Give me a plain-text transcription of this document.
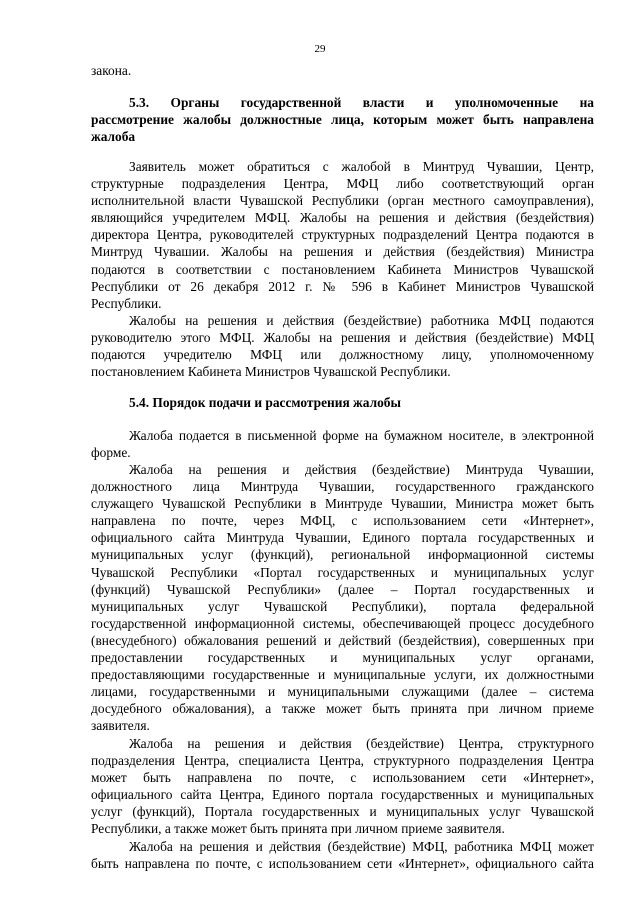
29
закона.
5.3. Органы государственной власти и уполномоченные на
рассмотрение жалобы должностные лица, которым может быть направлена
жалоба
Заявитель может обратиться с жалобой в Минтруд Чувашии, Центр,
структурные подразделения Центра, МФЦ либо соответствующий орган
исполнительной власти Чувашской Республики (орган местного самоуправления),
являющийся учредителем МФЦ. Жалобы на решения и действия (бездействия)
директора Центра, руководителей структурных подразделений Центра подаются в
Минтруд Чувашии. Жалобы на решения и действия (бездействия) Министра
подаются в соответствии с постановлением Кабинета Министров Чувашской
Республики от 26 декабря 2012 г. № 596 в Кабинет Министров Чувашской
Республики.
Жалобы на решения и действия (бездействие) работника МФЦ подаются
руководителю этого МФЦ. Жалобы на решения и действия (бездействие) МФЦ
подаются учредителю МФЦ или должностному лицу, уполномоченному
постановлением Кабинета Министров Чувашской Республики.
5.4. Порядок подачи и рассмотрения жалобы
Жалоба подается в письменной форме на бумажном носителе, в электронной
форме.
Жалоба на решения и действия (бездействие) Минтруда Чувашии,
должностного лица Минтруда Чувашии, государственного гражданского
служащего Чувашской Республики в Минтруде Чувашии, Министра может быть
направлена по почте, через МФЦ, с использованием сети «Интернет»,
официального сайта Минтруда Чувашии, Единого портала государственных и
муниципальных услуг (функций), региональной информационной системы
Чувашской Республики «Портал государственных и муниципальных услуг
(функций) Чувашской Республики» (далее – Портал государственных и
муниципальных услуг Чувашской Республики), портала федеральной
государственной информационной системы, обеспечивающей процесс досудебного
(внесудебного) обжалования решений и действий (бездействия), совершенных при
предоставлении государственных и муниципальных услуг органами,
предоставляющими государственные и муниципальные услуги, их должностными
лицами, государственными и муниципальными служащими (далее – система
досудебного обжалования), а также может быть принята при личном приеме
заявителя.
Жалоба на решения и действия (бездействие) Центра, структурного
подразделения Центра, специалиста Центра, структурного подразделения Центра
может быть направлена по почте, с использованием сети «Интернет»,
официального сайта Центра, Единого портала государственных и муниципальных
услуг (функций), Портала государственных и муниципальных услуг Чувашской
Республики, а также может быть принята при личном приеме заявителя.
Жалоба на решения и действия (бездействие) МФЦ, работника МФЦ может
быть направлена по почте, с использованием сети «Интернет», официального сайта
